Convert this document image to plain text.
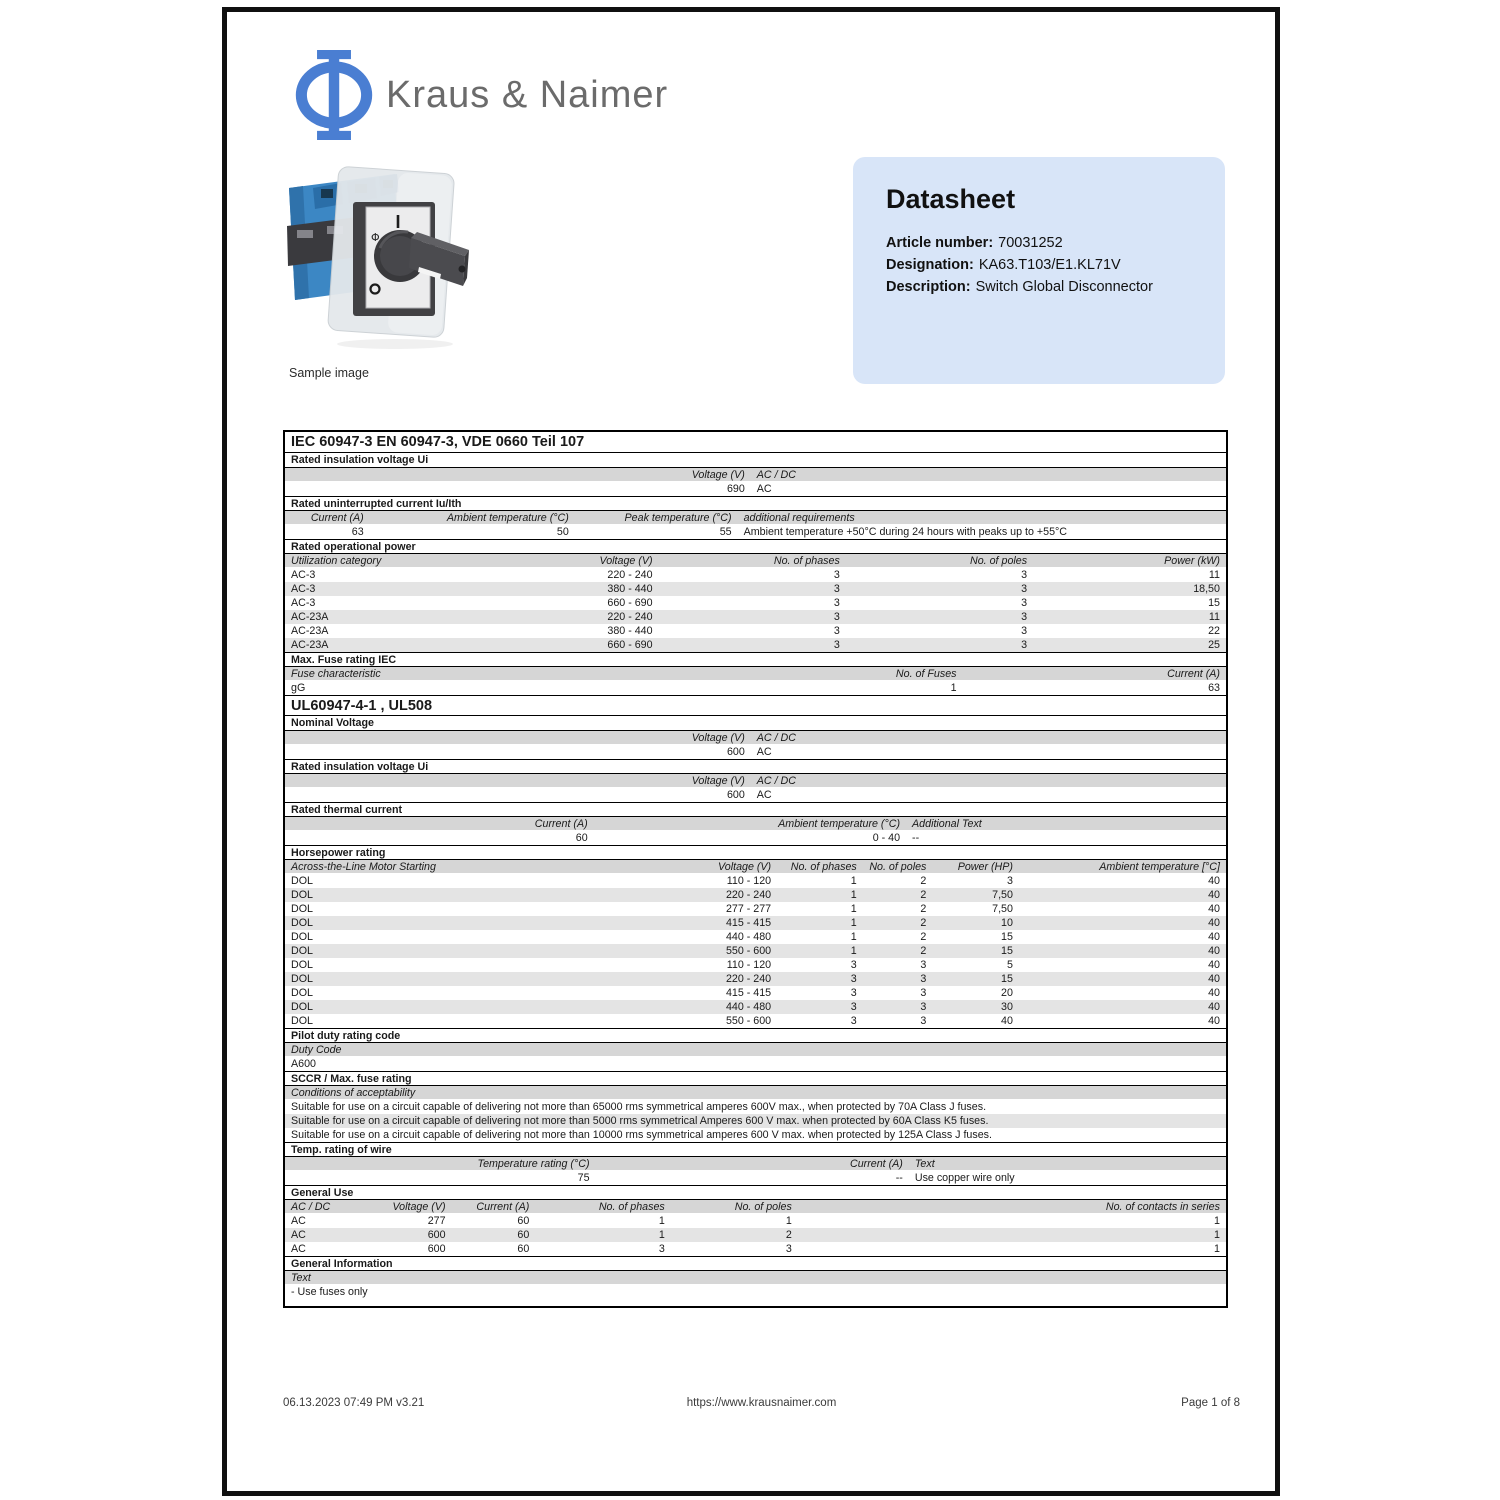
Kraus & Naimer
Φ
Sample image
Datasheet
Article number: 70031252
Designation: KA63.T103/E1.KL71V
Description: Switch Global Disconnector
IEC 60947-3 EN 60947-3, VDE 0660 Teil 107
Rated insulation voltage Ui
Voltage (V)	AC / DC
690	AC
Rated uninterrupted current Iu/Ith
Current (A)	Ambient temperature (°C)	Peak temperature (°C)	additional requirements
63	50	55	Ambient temperature +50°C during 24 hours with peaks up to +55°C
Rated operational power
Utilization category	Voltage (V)	No. of phases	No. of poles	Power (kW)
AC-3	220 - 240	3	3	11
AC-3	380 - 440	3	3	18,50
AC-3	660 - 690	3	3	15
AC-23A	220 - 240	3	3	11
AC-23A	380 - 440	3	3	22
AC-23A	660 - 690	3	3	25
Max. Fuse rating IEC
Fuse characteristic	No. of Fuses	Current (A)
gG	1	63
UL60947-4-1 , UL508
Nominal Voltage
Voltage (V)	AC / DC
600	AC
Rated insulation voltage Ui
Voltage (V)	AC / DC
600	AC
Rated thermal current
Current (A)	Ambient temperature (°C)	Additional Text
60	0 - 40	--
Horsepower rating
Across-the-Line Motor Starting	Voltage (V)	No. of phases	No. of poles	Power (HP)	Ambient temperature [°C]
DOL	110 - 120	1	2	3	40
DOL	220 - 240	1	2	7,50	40
DOL	277 - 277	1	2	7,50	40
DOL	415 - 415	1	2	10	40
DOL	440 - 480	1	2	15	40
DOL	550 - 600	1	2	15	40
DOL	110 - 120	3	3	5	40
DOL	220 - 240	3	3	15	40
DOL	415 - 415	3	3	20	40
DOL	440 - 480	3	3	30	40
DOL	550 - 600	3	3	40	40
Pilot duty rating code
Duty Code
A600
SCCR / Max. fuse rating
Conditions of acceptability
Suitable for use on a circuit capable of delivering not more than 65000 rms symmetrical amperes 600V max., when protected by 70A Class J fuses.
Suitable for use on a circuit capable of delivering not more than 5000 rms symmetrical Amperes 600 V max. when protected by 60A Class K5 fuses.
Suitable for use on a circuit capable of delivering not more than 10000 rms symmetrical amperes 600 V max. when protected by 125A Class J fuses.
Temp. rating of wire
Temperature rating (°C)	Current (A)	Text
75	--	Use copper wire only
General Use
AC / DC	Voltage (V)	Current (A)	No. of phases	No. of poles	No. of contacts in series
AC	277	60	1	1	1
AC	600	60	1	2	1
AC	600	60	3	3	1
General Information
Text
- Use fuses only
06.13.2023 07:49 PM v3.21	https://www.krausnaimer.com	Page 1 of 8
